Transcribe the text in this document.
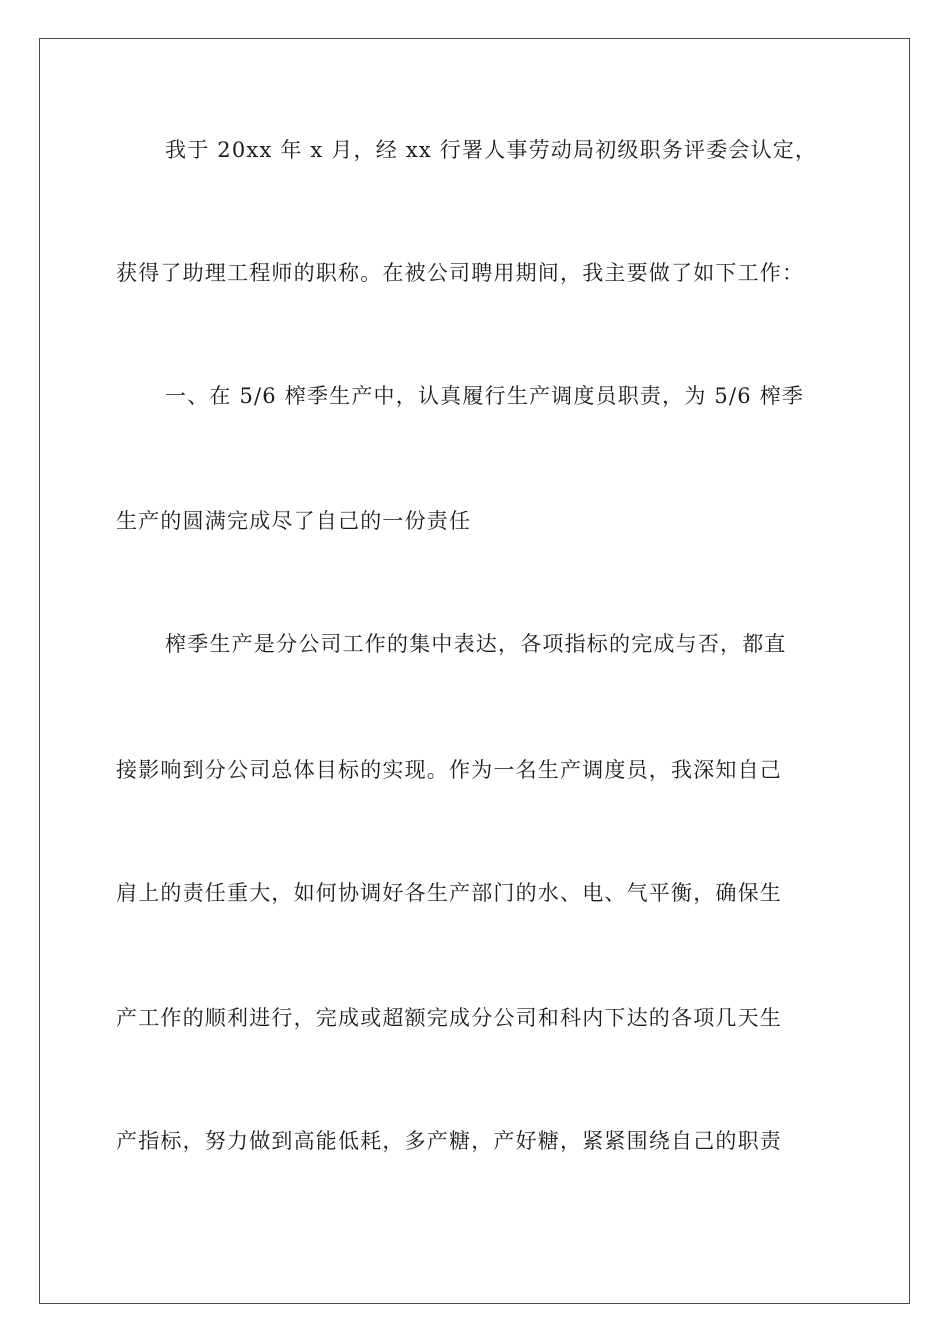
我于 20xx 年 x 月，经 xx 行署人事劳动局初级职务评委会认定，

获得了助理工程师的职称。在被公司聘用期间，我主要做了如下工作：

一、在 5/6 榨季生产中，认真履行生产调度员职责，为 5/6 榨季

生产的圆满完成尽了自己的一份责任

榨季生产是分公司工作的集中表达，各项指标的完成与否，都直

接影响到分公司总体目标的实现。作为一名生产调度员，我深知自己

肩上的责任重大，如何协调好各生产部门的水、电、气平衡，确保生

产工作的顺利进行，完成或超额完成分公司和科内下达的各项几天生

产指标，努力做到高能低耗，多产糖，产好糖，紧紧围绕自己的职责
